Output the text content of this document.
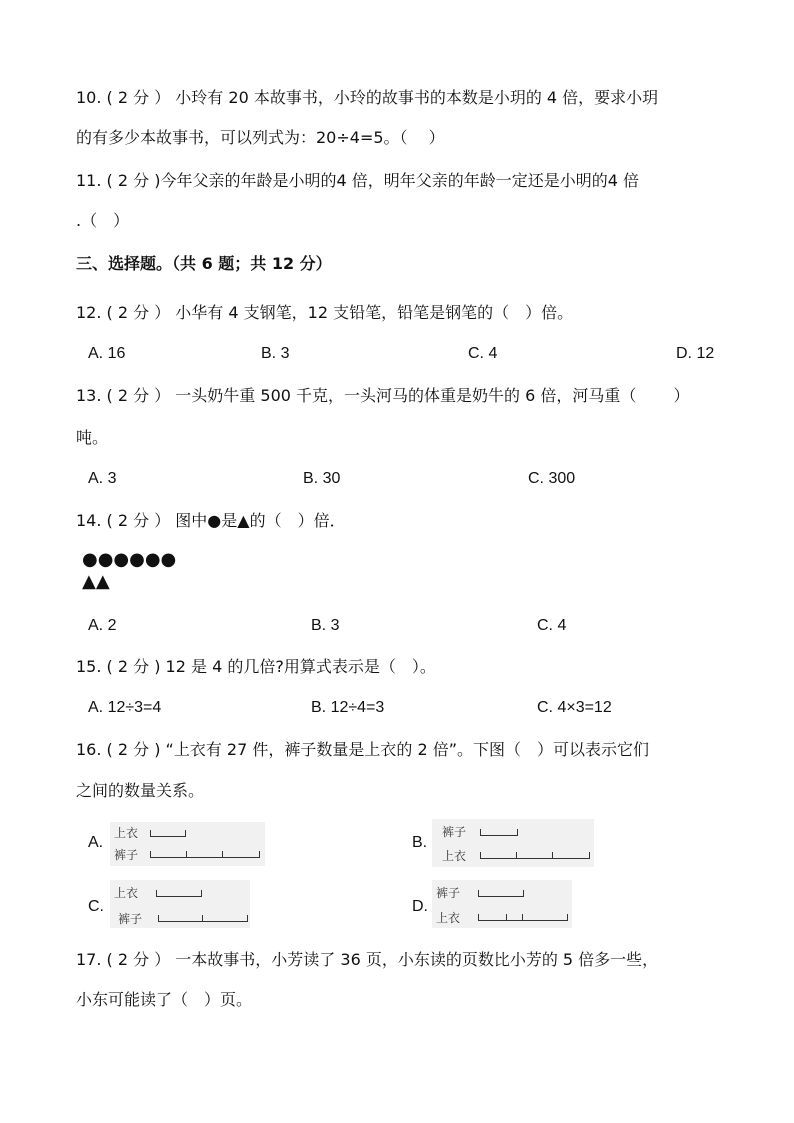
10. ( 2 分 ） 小玲有 20 本故事书，小玲的故事书的本数是小玥的 4 倍，要求小玥
的有多少本故事书，可以列式为：20÷4=5。（　 ）
11. ( 2 分 )今年父亲的年龄是小明的4 倍，明年父亲的年龄一定还是小明的4 倍
.（　）
三、选择题。（共 6 题；共 12 分）
12. ( 2 分 ） 小华有 4 支钢笔，12 支铅笔，铅笔是钢笔的（　）倍。
A. 16	B. 3	C. 4	D. 12
13. ( 2 分 ） 一头奶牛重 500 千克，一头河马的体重是奶牛的 6 倍，河马重（　　 ）
吨。
A. 3	B. 30	C. 300
14. ( 2 分 ） 图中●是▲的（　）倍．
●●●●●●
▲▲
A. 2	B. 3	C. 4
15. ( 2 分 ) 12 是 4 的几倍?用算式表示是（　）。
A. 12÷3=4	B. 12÷4=3	C. 4×3=12
16. ( 2 分 ) “上衣有 27 件，裤子数量是上衣的 2 倍”。下图（　）可以表示它们
之间的数量关系。
A.
上衣
裤子
B.
裤子
上衣
C.
上衣
裤子
D.
裤子
上衣
17. ( 2 分 ） 一本故事书，小芳读了 36 页，小东读的页数比小芳的 5 倍多一些，
小东可能读了（　）页。
